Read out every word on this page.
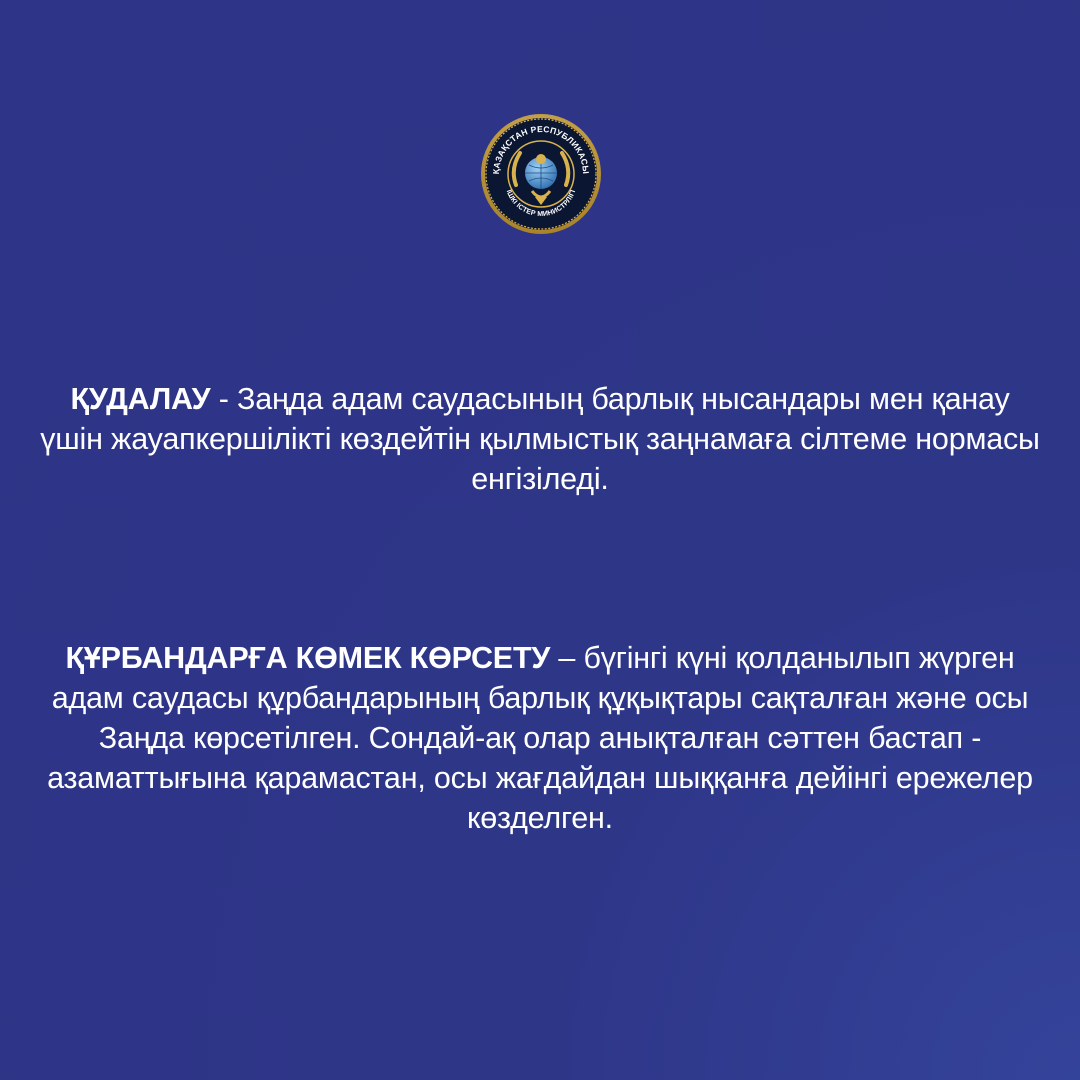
ҚАЗАҚСТАН РЕСПУБЛИКАСЫ
ІШКІ ІСТЕР МИНИСТРЛІГІ

ҚУДАЛАУ - Заңда адам саудасының барлық нысандары мен қанау үшін жауапкершілікті көздейтін қылмыстық заңнамаға сілтеме нормасы енгізіледі.

ҚҰРБАНДАРҒА КӨМЕК КӨРСЕТУ – бүгінгі күні қолданылып жүрген адам саудасы құрбандарының барлық құқықтары сақталған және осы Заңда көрсетілген. Сондай-ақ олар анықталған сәттен бастап - азаматтығына қарамастан, осы жағдайдан шыққанға дейінгі ережелер көзделген.
